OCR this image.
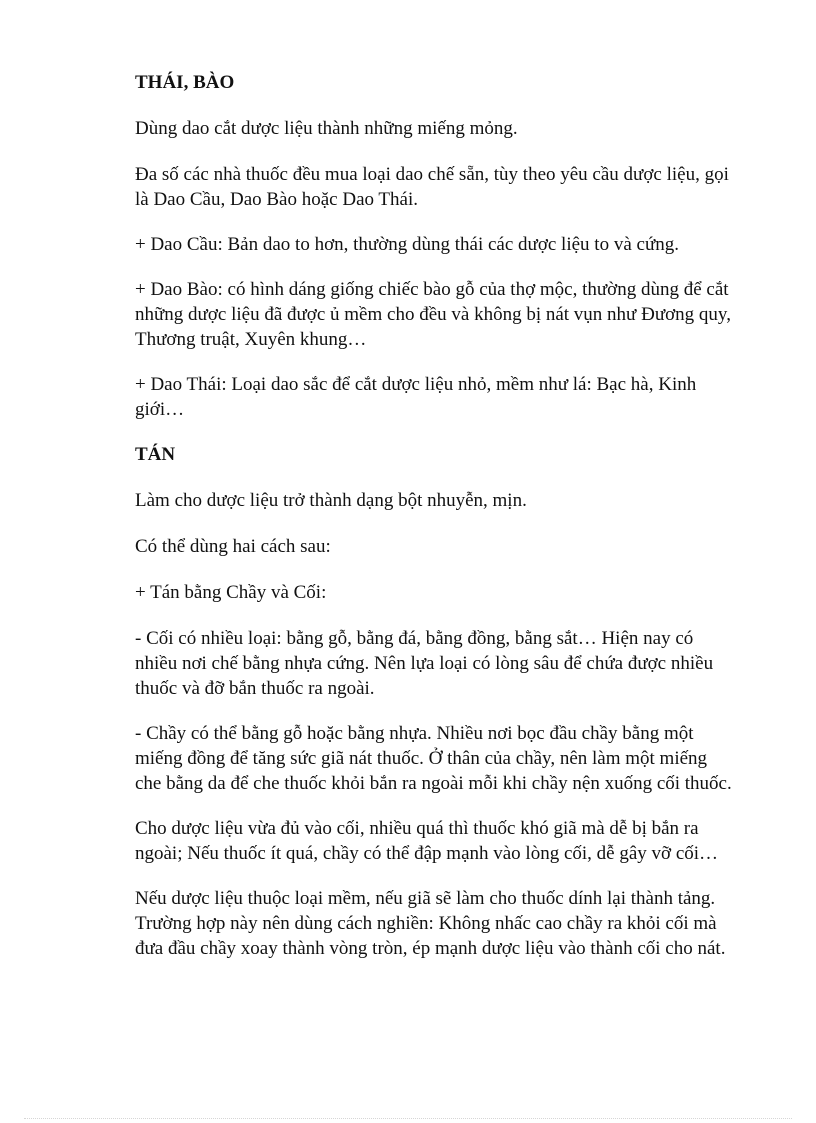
THÁI, BÀO

Dùng dao cắt dược liệu thành những miếng mỏng.

Đa số các nhà thuốc đều mua loại dao chế sẵn, tùy theo yêu cầu dược liệu, gọi là Dao Cầu, Dao Bào hoặc Dao Thái.

+ Dao Cầu: Bản dao to hơn, thường dùng thái các dược liệu to và cứng.

+ Dao Bào: có hình dáng giống chiếc bào gỗ của thợ mộc, thường dùng để cắt những dược liệu đã được ủ mềm cho đều và không bị nát vụn như Đương quy, Thương truật, Xuyên khung…

+ Dao Thái: Loại dao sắc để cắt dược liệu nhỏ, mềm như lá: Bạc hà, Kinh giới…

TÁN

Làm cho dược liệu trở thành dạng bột nhuyễn, mịn.

Có thể dùng hai cách sau:

+ Tán bằng Chầy và Cối:

- Cối có nhiều loại: bằng gỗ, bằng đá, bằng đồng, bằng sắt… Hiện nay có nhiều nơi chế bằng nhựa cứng. Nên lựa loại có lòng sâu để chứa được nhiều thuốc và đỡ bắn thuốc ra ngoài.

- Chầy có thể bằng gỗ hoặc bằng nhựa. Nhiều nơi bọc đầu chầy bằng một miếng đồng để tăng sức giã nát thuốc. Ở thân của chầy, nên làm một miếng che bằng da để che thuốc khỏi bắn ra ngoài mỗi khi chầy nện xuống cối thuốc.

Cho dược liệu vừa đủ vào cối, nhiều quá thì thuốc khó giã mà dễ bị bắn ra ngoài; Nếu thuốc ít quá, chầy có thể đập mạnh vào lòng cối, dễ gây vỡ cối…

Nếu dược liệu thuộc loại mềm, nếu giã sẽ làm cho thuốc dính lại thành tảng. Trường hợp này nên dùng cách nghiền: Không nhấc cao chầy ra khỏi cối mà đưa đầu chầy xoay thành vòng tròn, ép mạnh dược liệu vào thành cối cho nát.
